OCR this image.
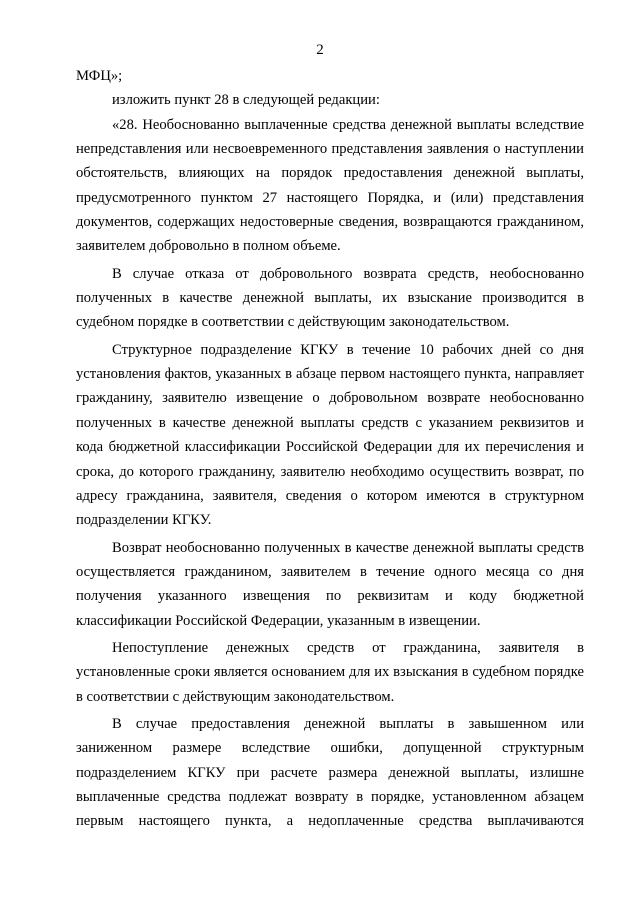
2
МФЦ»;
изложить пункт 28 в следующей редакции:
«28. Необоснованно выплаченные средства денежной выплаты вследствие
непредставления или несвоевременного представления заявления о наступлении
обстоятельств, влияющих на порядок предоставления денежной выплаты,
предусмотренного пунктом 27 настоящего Порядка, и (или) представления
документов, содержащих недостоверные сведения, возвращаются гражданином,
заявителем добровольно в полном объеме.
В случае отказа от добровольного возврата средств, необоснованно
полученных в качестве денежной выплаты, их взыскание производится в
судебном порядке в соответствии с действующим законодательством.
Структурное подразделение КГКУ в течение 10 рабочих дней со дня
установления фактов, указанных в абзаце первом настоящего пункта, направляет
гражданину, заявителю извещение о добровольном возврате необоснованно
полученных в качестве денежной выплаты средств с указанием реквизитов и
кода бюджетной классификации Российской Федерации для их перечисления и
срока, до которого гражданину, заявителю необходимо осуществить возврат, по
адресу гражданина, заявителя, сведения о котором имеются в структурном
подразделении КГКУ.
Возврат необоснованно полученных в качестве денежной выплаты средств
осуществляется гражданином, заявителем в течение одного месяца со дня
получения указанного извещения по реквизитам и коду бюджетной
классификации Российской Федерации, указанным в извещении.
Непоступление денежных средств от гражданина, заявителя в
установленные сроки является основанием для их взыскания в судебном порядке
в соответствии с действующим законодательством.
В случае предоставления денежной выплаты в завышенном или
заниженном размере вследствие ошибки, допущенной структурным
подразделением КГКУ при расчете размера денежной выплаты, излишне
выплаченные средства подлежат возврату в порядке, установленном абзацем
первым настоящего пункта, а недоплаченные средства выплачиваются
